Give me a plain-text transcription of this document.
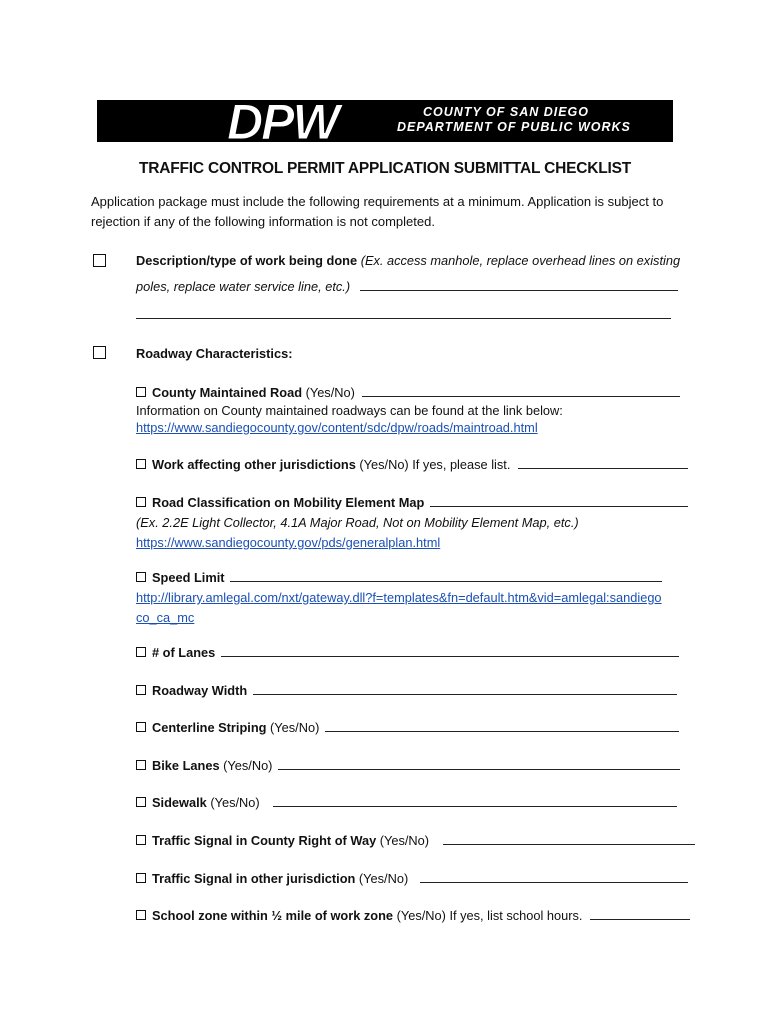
DPW	COUNTY OF SAN DIEGO
DEPARTMENT OF PUBLIC WORKS
TRAFFIC CONTROL PERMIT APPLICATION SUBMITTAL CHECKLIST
Application package must include the following requirements at a minimum. Application is subject to rejection if any of the following information is not completed.
Description/type of work being done (Ex. access manhole, replace overhead lines on existing
poles, replace water service line, etc.)
Roadway Characteristics:
County Maintained Road (Yes/No)
Information on County maintained roadways can be found at the link below:
https://www.sandiegocounty.gov/content/sdc/dpw/roads/maintroad.html
Work affecting other jurisdictions (Yes/No) If yes, please list.
Road Classification on Mobility Element Map
(Ex. 2.2E Light Collector, 4.1A Major Road, Not on Mobility Element Map, etc.)
https://www.sandiegocounty.gov/pds/generalplan.html
Speed Limit
http://library.amlegal.com/nxt/gateway.dll?f=templates&fn=default.htm&vid=amlegal:sandiego
co_ca_mc
# of Lanes
Roadway Width
Centerline Striping (Yes/No)
Bike Lanes (Yes/No)
Sidewalk (Yes/No)
Traffic Signal in County Right of Way (Yes/No)
Traffic Signal in other jurisdiction (Yes/No)
School zone within ½ mile of work zone (Yes/No) If yes, list school hours.
